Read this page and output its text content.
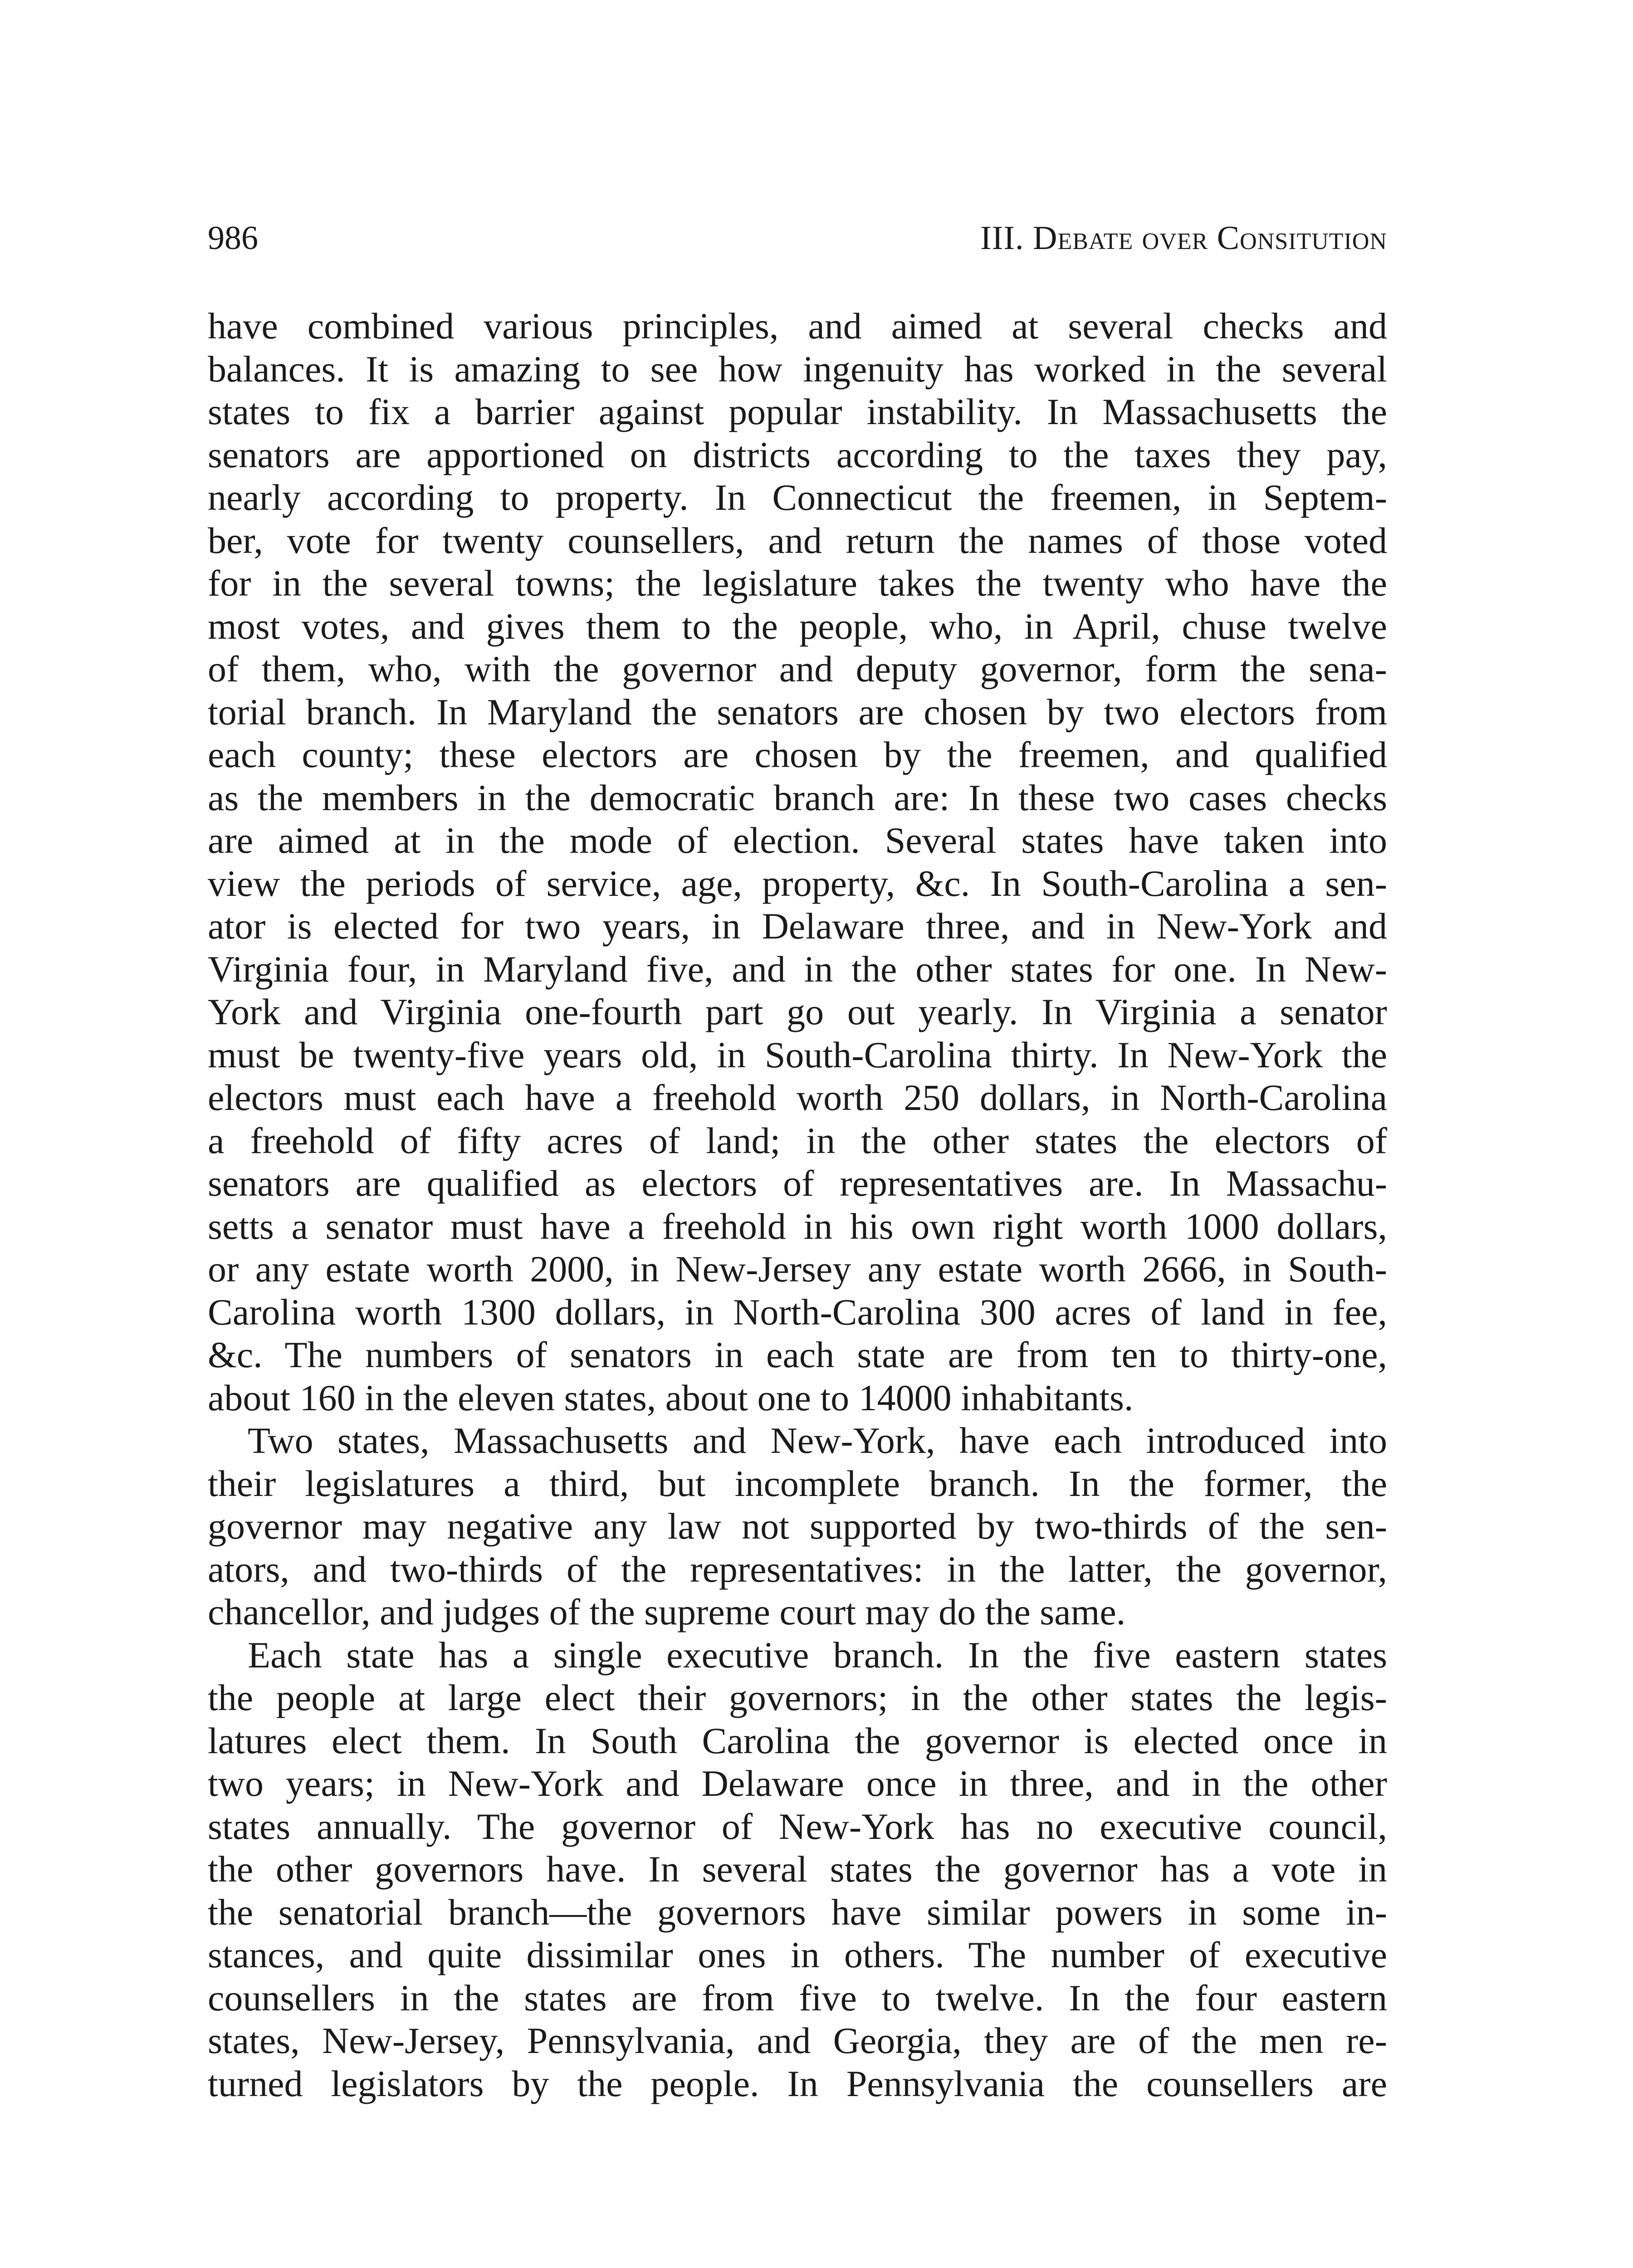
986	III. Debate over Consitution
have combined various principles, and aimed at several checks and
balances. It is amazing to see how ingenuity has worked in the several
states to fix a barrier against popular instability. In Massachusetts the
senators are apportioned on districts according to the taxes they pay,
nearly according to property. In Connecticut the freemen, in Septem-
ber, vote for twenty counsellers, and return the names of those voted
for in the several towns; the legislature takes the twenty who have the
most votes, and gives them to the people, who, in April, chuse twelve
of them, who, with the governor and deputy governor, form the sena-
torial branch. In Maryland the senators are chosen by two electors from
each county; these electors are chosen by the freemen, and qualified
as the members in the democratic branch are: In these two cases checks
are aimed at in the mode of election. Several states have taken into
view the periods of service, age, property, &c. In South-Carolina a sen-
ator is elected for two years, in Delaware three, and in New-York and
Virginia four, in Maryland five, and in the other states for one. In New-
York and Virginia one-fourth part go out yearly. In Virginia a senator
must be twenty-five years old, in South-Carolina thirty. In New-York the
electors must each have a freehold worth 250 dollars, in North-Carolina
a freehold of fifty acres of land; in the other states the electors of
senators are qualified as electors of representatives are. In Massachu-
setts a senator must have a freehold in his own right worth 1000 dollars,
or any estate worth 2000, in New-Jersey any estate worth 2666, in South-
Carolina worth 1300 dollars, in North-Carolina 300 acres of land in fee,
&c. The numbers of senators in each state are from ten to thirty-one,
about 160 in the eleven states, about one to 14000 inhabitants.
Two states, Massachusetts and New-York, have each introduced into
their legislatures a third, but incomplete branch. In the former, the
governor may negative any law not supported by two-thirds of the sen-
ators, and two-thirds of the representatives: in the latter, the governor,
chancellor, and judges of the supreme court may do the same.
Each state has a single executive branch. In the five eastern states
the people at large elect their governors; in the other states the legis-
latures elect them. In South Carolina the governor is elected once in
two years; in New-York and Delaware once in three, and in the other
states annually. The governor of New-York has no executive council,
the other governors have. In several states the governor has a vote in
the senatorial branch—the governors have similar powers in some in-
stances, and quite dissimilar ones in others. The number of executive
counsellers in the states are from five to twelve. In the four eastern
states, New-Jersey, Pennsylvania, and Georgia, they are of the men re-
turned legislators by the people. In Pennsylvania the counsellers are
